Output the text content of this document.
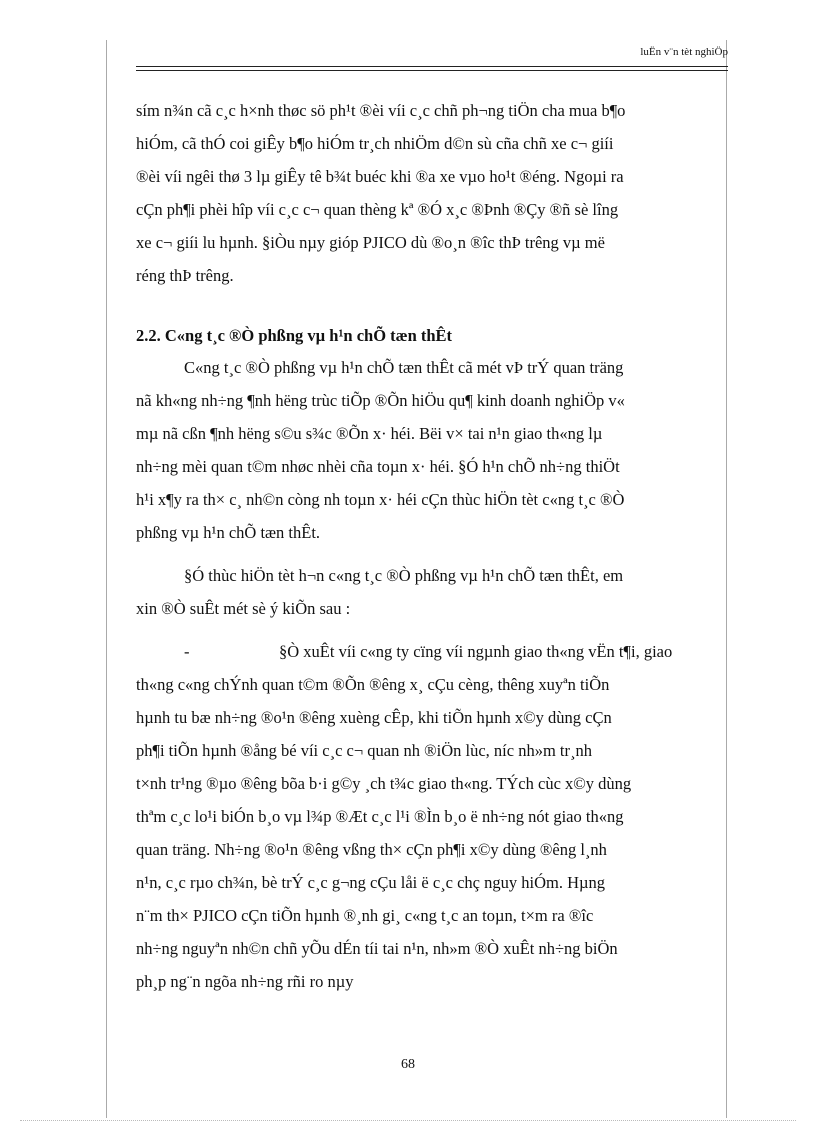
luËn v¨n tèt nghiÖp

sím n¾n cã c¸c h×nh thøc sö ph¹t ®èi víi c¸c chñ ph¬ng tiÖn cha mua b¶o
hiÓm, cã thÓ coi giÊy b¶o hiÓm tr¸ch nhiÖm d©n sù cña chñ xe c¬ giíi
®èi víi ngêi thø 3 lµ giÊy tê b¾t buéc khi ®a xe vµo ho¹t ®éng. Ngoµi ra
cÇn ph¶i phèi hîp víi c¸c c¬ quan thèng kª ®Ó x¸c ®Þnh ®Çy ®ñ sè lîng
xe c¬ giíi lu hµnh. §iÒu nµy gióp PJICO dù ®o¸n ®îc thÞ trêng vµ më
réng thÞ trêng.

2.2. C«ng t¸c ®Ò phßng vµ h¹n chÕ tæn thÊt

C«ng t¸c ®Ò phßng vµ h¹n chÕ tæn thÊt cã mét vÞ trÝ quan träng
nã kh«ng nh÷ng ¶nh hëng trùc tiÕp ®Õn hiÖu qu¶ kinh doanh nghiÖp v«
mµ nã cßn ¶nh hëng s©u s¾c ®Õn x· héi. Bëi v× tai n¹n giao th«ng lµ
nh÷ng mèi quan t©m nhøc nhèi cña toµn x· héi. §Ó h¹n chÕ nh÷ng thiÖt
h¹i x¶y ra th× c¸ nh©n còng nh toµn x· héi cÇn thùc hiÖn tèt c«ng t¸c ®Ò
phßng vµ h¹n chÕ tæn thÊt.

§Ó thùc hiÖn tèt h¬n c«ng t¸c ®Ò phßng vµ h¹n chÕ tæn thÊt, em
xin ®Ò suÊt mét sè ý kiÕn sau :

-	§Ò xuÊt víi c«ng ty cïng víi ngµnh giao th«ng vËn t¶i, giao
th«ng c«ng chÝnh quan t©m ®Õn ®êng x¸ cÇu cèng, thêng xuyªn tiÕn
hµnh tu bæ nh÷ng ®o¹n ®êng xuèng cÊp, khi tiÕn hµnh x©y dùng cÇn
ph¶i tiÕn hµnh ®ång bé víi c¸c c¬ quan nh ®iÖn lùc, níc nh»m tr¸nh
t×nh tr¹ng ®µo ®êng bõa b·i g©y ¸ch t¾c giao th«ng. TÝch cùc x©y dùng
thªm c¸c lo¹i biÓn b¸o vµ l¾p ®Æt c¸c l¹i ®Ìn b¸o ë nh÷ng nót giao th«ng
quan träng. Nh÷ng ®o¹n ®êng vßng th× cÇn ph¶i x©y dùng ®êng l¸nh
n¹n, c¸c rµo ch¾n, bè trÝ c¸c g¬ng cÇu låi ë c¸c chç nguy hiÓm. Hµng
n¨m th× PJICO cÇn tiÕn hµnh ®¸nh gi¸ c«ng t¸c an toµn, t×m ra ®îc
nh÷ng nguyªn nh©n chñ yÕu dÉn tíi tai n¹n, nh»m ®Ò xuÊt nh÷ng biÖn
ph¸p ng¨n ngõa nh÷ng rñi ro nµy

68
